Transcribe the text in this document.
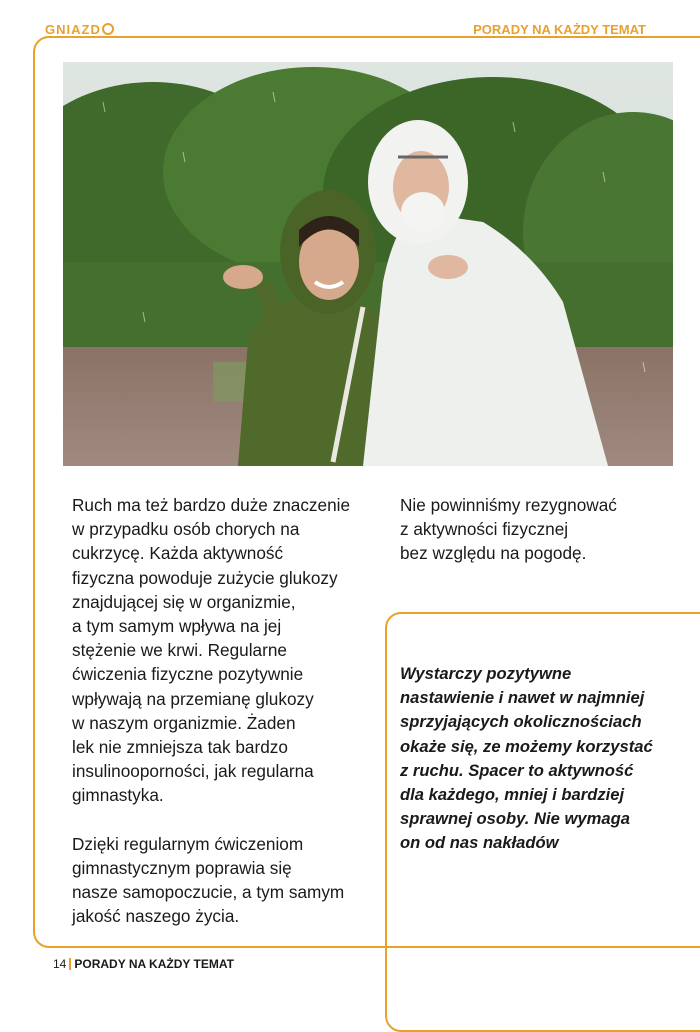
GNIAZD	PORADY NA KAŻDY TEMAT

Ruch ma też bardzo duże znaczenie
w przypadku osób chorych na
cukrzycę. Każda aktywność
fizyczna powoduje zużycie glukozy
znajdującej się w organizmie,
a tym samym wpływa na jej
stężenie we krwi. Regularne
ćwiczenia fizyczne pozytywnie
wpływają na przemianę glukozy
w naszym organizmie. Żaden
lek nie zmniejsza tak bardzo
insulinooporności, jak regularna
gimnastyka.

Dzięki regularnym ćwiczeniom
gimnastycznym poprawia się
nasze samopoczucie, a tym samym
jakość naszego życia.

Nie powinniśmy rezygnować
z aktywności fizycznej
bez względu na pogodę.

Wystarczy pozytywne
nastawienie i nawet w najmniej
sprzyjających okolicznościach
okaże się, ze możemy korzystać
z ruchu. Spacer to aktywność
dla każdego, mniej i bardziej
sprawnej osoby. Nie wymaga
on od nas nakładów

14 PORADY NA KAŻDY TEMAT
